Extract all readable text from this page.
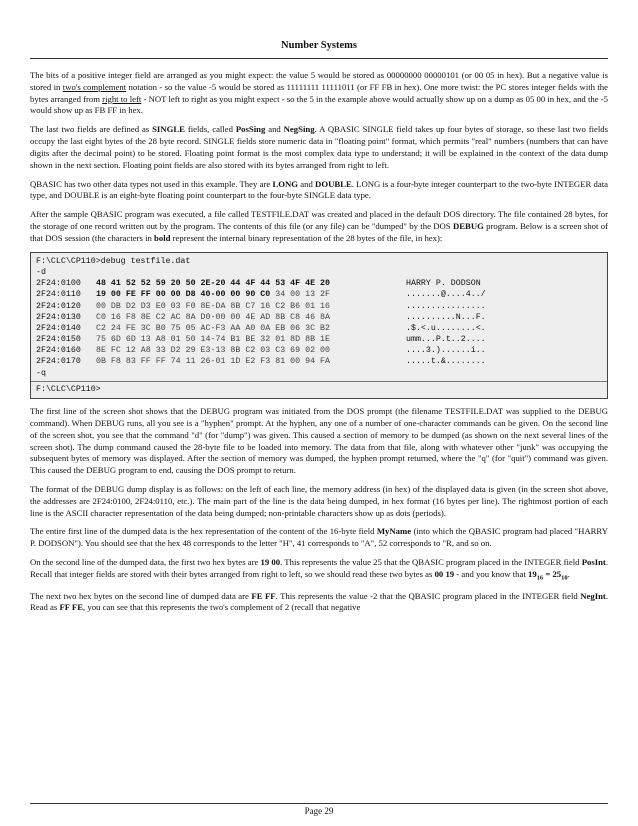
Number Systems

The bits of a positive integer field are arranged as you might expect: the value 5 would be stored as 00000000 00000101 (or 00 05 in hex). But a negative value is stored in two's complement notation - so the value -5 would be stored as 11111111 11111011 (or FF FB in hex). One more twist: the PC stores integer fields with the bytes arranged from right to left - NOT left to right as you might expect - so the 5 in the example above would actually show up on a dump as 05 00 in hex, and the -5 would show up as FB FF in hex.

The last two fields are defined as SINGLE fields, called PosSing and NegSing. A QBASIC SINGLE field takes up four bytes of storage, so these last two fields occupy the last eight bytes of the 28 byte record. SINGLE fields store numeric data in "floating point" format, which permits "real" numbers (numbers that can have digits after the decimal point) to be stored. Floating point format is the most complex data type to understand; it will be explained in the context of the data dump shown in the next section. Floating point fields are also stored with its bytes arranged from right to left.

QBASIC has two other data types not used in this example. They are LONG and DOUBLE. LONG is a four-byte integer counterpart to the two-byte INTEGER data type, and DOUBLE is an eight-byte floating point counterpart to the four-byte SINGLE data type.

After the sample QBASIC program was executed, a file called TESTFILE.DAT was created and placed in the default DOS directory. The file contained 28 bytes, for the storage of one record written out by the program. The contents of this file (or any file) can be "dumped" by the DOS DEBUG program. Below is a screen shot of that DOS session (the characters in bold represent the internal binary representation of the 28 bytes of the file, in hex):

F:\CLC\CP110>debug testfile.dat
-d
2F24:0100 48 41 52 52 59 20 50 2E-20 44 4F 44 53 4F 4E 20	HARRY P. DODSON
2F24:0110 19 00 FE FF 00 00 D8 40-00 00 90 C0 34 00 13 2F	.......@....4../
2F24:0120 00 DB D2 D3 E0 03 F0 8E-DA 8B C7 16 C2 B6 01 16	................
2F24:0130 C0 16 F8 8E C2 AC 8A D0-00 00 4E AD 8B C8 46 8A	..........N...F.
2F24:0140 C2 24 FE 3C B0 75 05 AC-F3 AA A0 0A EB 06 3C B2	.$.<.u........<.
2F24:0150 75 6D 6D 13 A8 01 50 14-74 B1 BE 32 01 8D 8B 1E	umm...P.t..2....
2F24:0160 8E FC 12 A8 33 D2 29 E3-13 8B C2 03 C3 69 02 00	....3.)......i..
2F24:0170 0B F8 83 FF FF 74 11 26-01 1D E2 F3 81 00 94 FA	.....t.&........
-q
F:\CLC\CP110>

The first line of the screen shot shows that the DEBUG program was initiated from the DOS prompt (the filename TESTFILE.DAT was supplied to the DEBUG command). When DEBUG runs, all you see is a "hyphen" prompt. At the hyphen, any one of a number of one-character commands can be given. On the second line of the screen shot, you see that the command "d" (for "dump") was given. This caused a section of memory to be dumped (as shown on the next several lines of the screen shot). The dump command caused the 28-byte file to be loaded into memory. The data from that file, along with whatever other "junk" was occupying the subsequent bytes of memory was displayed. After the section of memory was dumped, the hyphen prompt returned, where the "q" (for "quit") command was given. This caused the DEBUG program to end, causing the DOS prompt to return.

The format of the DEBUG dump display is as follows: on the left of each line, the memory address (in hex) of the displayed data is given (in the screen shot above, the addresses are 2F24:0100, 2F24:0110, etc.). The main part of the line is the data being dumped, in hex format (16 bytes per line). The rightmost portion of each line is the ASCII character representation of the data being dumped; non-printable characters show up as dots (periods).

The entire first line of the dumped data is the hex representation of the content of the 16-byte field MyName (into which the QBASIC program had placed "HARRY P. DODSON"). You should see that the hex 48 corresponds to the letter "H", 41 corresponds to "A", 52 corresponds to "R, and so on.

On the second line of the dumped data, the first two hex bytes are 19 00. This represents the value 25 that the QBASIC program placed in the INTEGER field PosInt. Recall that integer fields are stored with their bytes arranged from right to left, so we should read these two bytes as 00 19 - and you know that $19_{16} = 25_{10}$.

The next two hex bytes on the second line of dumped data are FE FF. This represents the value -2 that the QBASIC program placed in the INTEGER field NegInt. Read as FF FE, you can see that this represents the two's complement of 2 (recall that negative

Page 29
